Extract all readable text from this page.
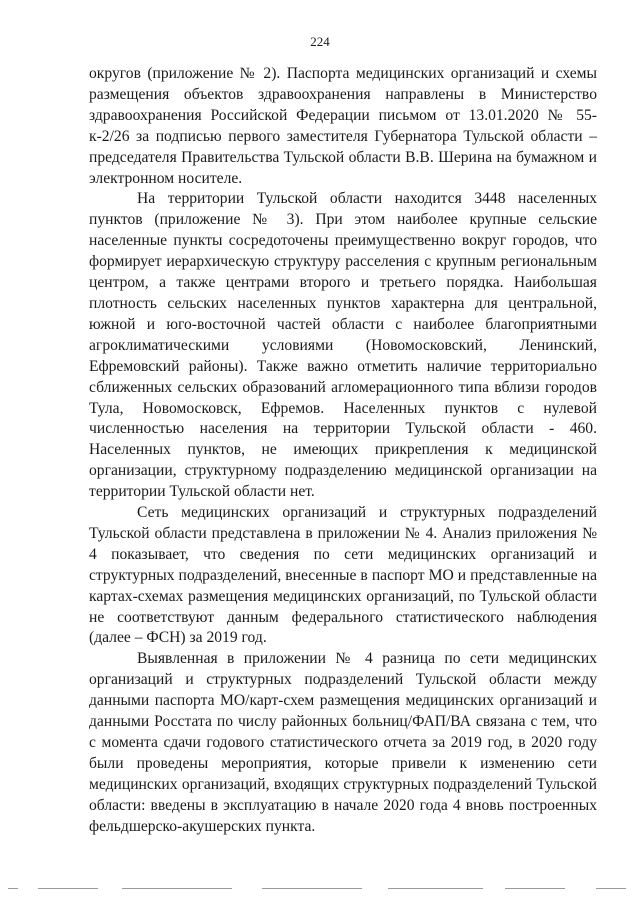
224

округов (приложение № 2). Паспорта медицинских организаций и схемы размещения объектов здравоохранения направлены в Министерство здравоохранения Российской Федерации письмом от 13.01.2020 № 55-к-2/26 за подписью первого заместителя Губернатора Тульской области – председателя Правительства Тульской области В.В. Шерина на бумажном и электронном носителе.

На территории Тульской области находится 3448 населенных пунктов (приложение № 3). При этом наиболее крупные сельские населенные пункты сосредоточены преимущественно вокруг городов, что формирует иерархическую структуру расселения с крупным региональным центром, а также центрами второго и третьего порядка. Наибольшая плотность сельских населенных пунктов характерна для центральной, южной и юго-восточной частей области с наиболее благоприятными агроклиматическими условиями (Новомосковский, Ленинский, Ефремовский районы). Также важно отметить наличие территориально сближенных сельских образований агломерационного типа вблизи городов Тула, Новомосковск, Ефремов. Населенных пунктов с нулевой численностью населения на территории Тульской области - 460. Населенных пунктов, не имеющих прикрепления к медицинской организации, структурному подразделению медицинской организации на территории Тульской области нет.

Сеть медицинских организаций и структурных подразделений Тульской области представлена в приложении № 4. Анализ приложения № 4 показывает, что сведения по сети медицинских организаций и структурных подразделений, внесенные в паспорт МО и представленные на картах-схемах размещения медицинских организаций, по Тульской области не соответствуют данным федерального статистического наблюдения (далее – ФСН) за 2019 год.

Выявленная в приложении № 4 разница по сети медицинских организаций и структурных подразделений Тульской области между данными паспорта МО/карт-схем размещения медицинских организаций и данными Росстата по числу районных больниц/ФАП/ВА связана с тем, что с момента сдачи годового статистического отчета за 2019 год, в 2020 году были проведены мероприятия, которые привели к изменению сети медицинских организаций, входящих структурных подразделений Тульской области: введены в эксплуатацию в начале 2020 года 4 вновь построенных фельдшерско-акушерских пункта.
